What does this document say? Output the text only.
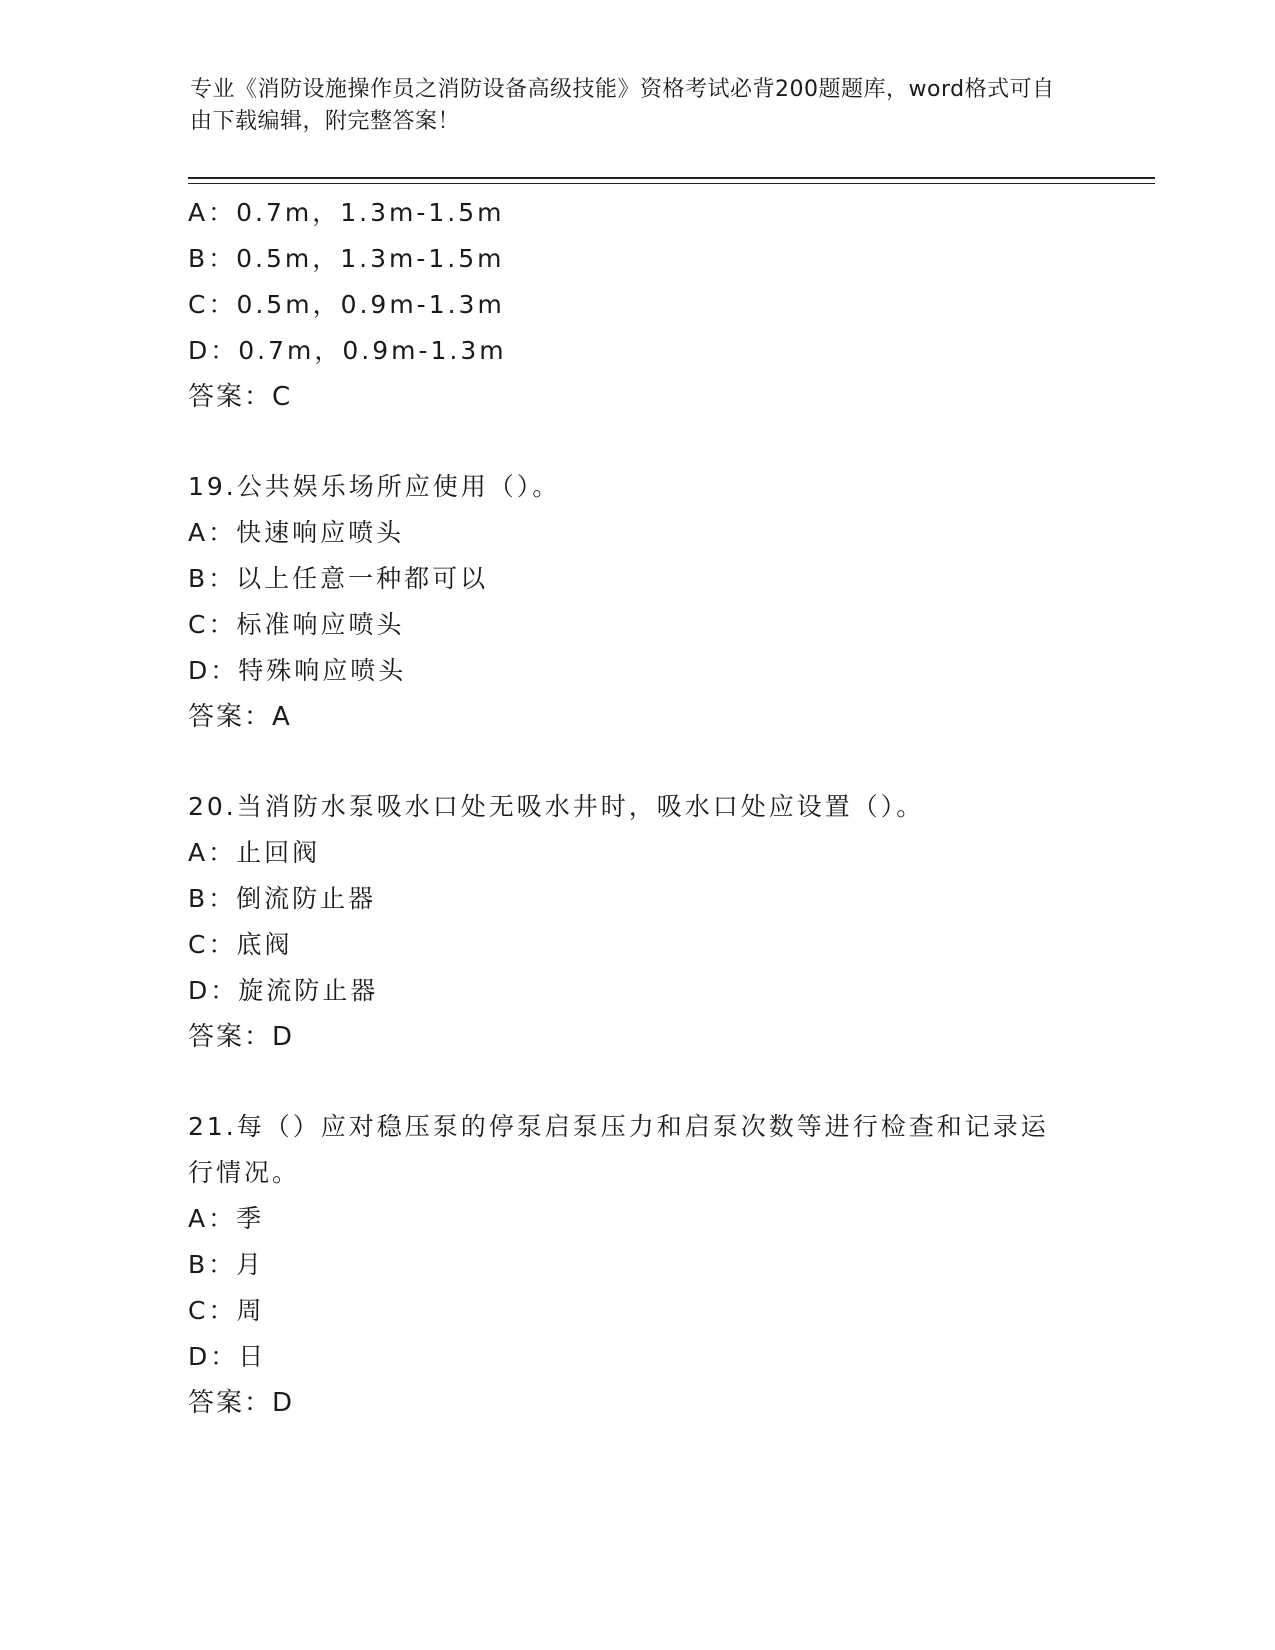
专业《消防设施操作员之消防设备高级技能》资格考试必背200题题库，word格式可自由下载编辑，附完整答案！
A：0.7m，1.3m-1.5m
B：0.5m，1.3m-1.5m
C：0.5m，0.9m-1.3m
D：0.7m，0.9m-1.3m
答案：C
19.公共娱乐场所应使用（）。
A：快速响应喷头
B：以上任意一种都可以
C：标准响应喷头
D：特殊响应喷头
答案：A
20.当消防水泵吸水口处无吸水井时，吸水口处应设置（）。
A：止回阀
B：倒流防止器
C：底阀
D：旋流防止器
答案：D
21.每（）应对稳压泵的停泵启泵压力和启泵次数等进行检查和记录运行情况。
A：季
B：月
C：周
D：日
答案：D
